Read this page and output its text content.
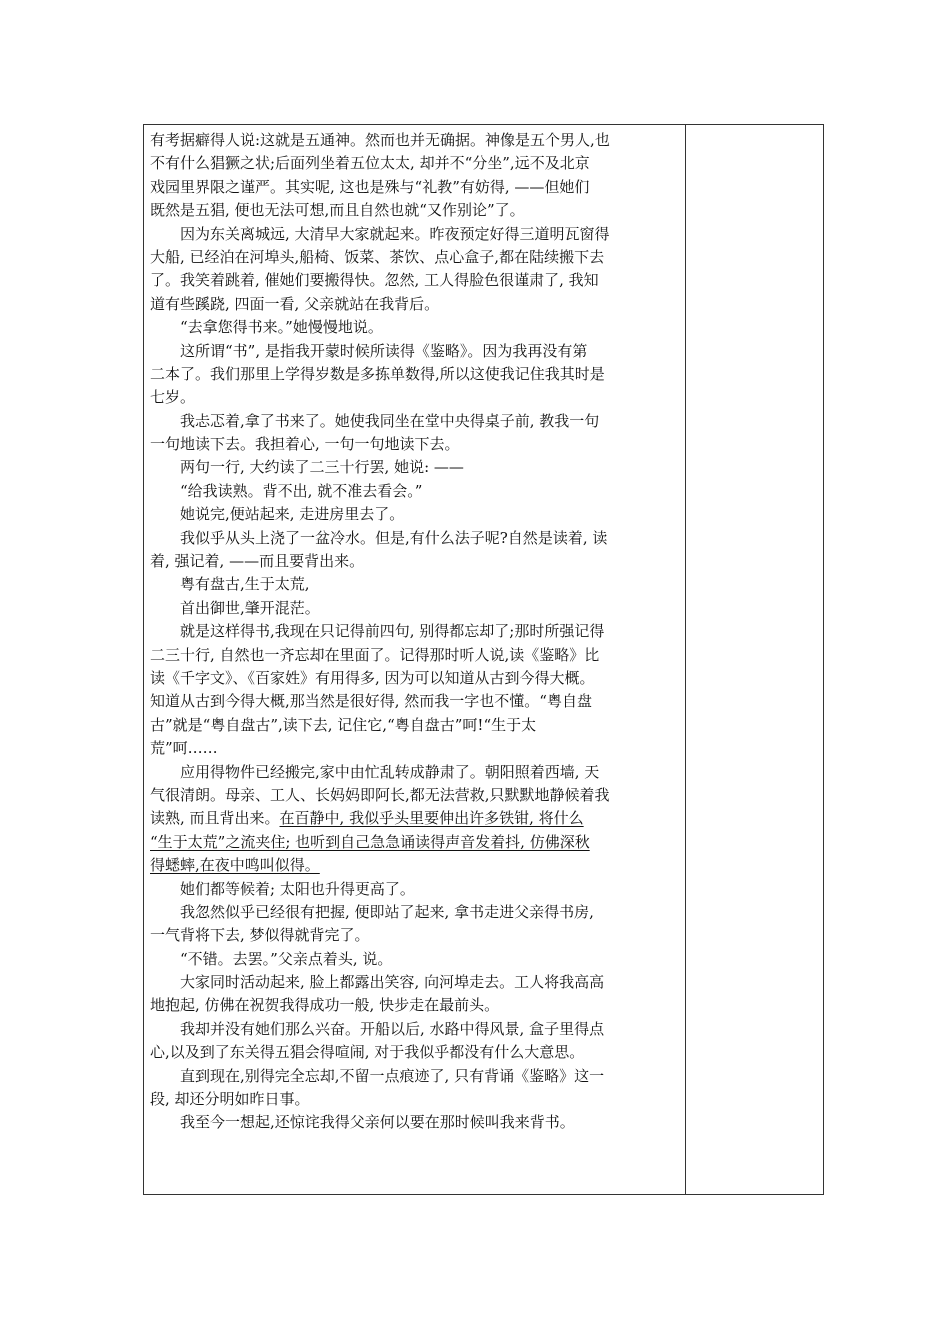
有考据癖得人说:这就是五通神。然而也并无确据。神像是五个男人,也
不有什么猖獗之状;后面列坐着五位太太, 却并不“分坐”,远不及北京
戏园里界限之谨严。其实呢, 这也是殊与“礼教”有妨得, ——但她们
既然是五猖, 便也无法可想,而且自然也就“又作别论”了。
因为东关离城远, 大清早大家就起来。昨夜预定好得三道明瓦窗得
大船, 已经泊在河埠头,船椅、饭菜、茶饮、点心盒子,都在陆续搬下去
了。我笑着跳着, 催她们要搬得快。忽然, 工人得脸色很谨肃了, 我知
道有些蹊跷, 四面一看, 父亲就站在我背后。
“去拿您得书来。”她慢慢地说。
这所谓“书”, 是指我开蒙时候所读得《鉴略》。因为我再没有第
二本了。我们那里上学得岁数是多拣单数得,所以这使我记住我其时是
七岁。
我忐忑着,拿了书来了。她使我同坐在堂中央得桌子前, 教我一句
一句地读下去。我担着心, 一句一句地读下去。
两句一行, 大约读了二三十行罢, 她说: ——
“给我读熟。背不出, 就不准去看会。”
她说完,便站起来, 走进房里去了。
我似乎从头上浇了一盆冷水。但是,有什么法子呢?自然是读着, 读
着, 强记着, ——而且要背出来。
粤有盘古,生于太荒,
首出御世,肇开混茫。
就是这样得书,我现在只记得前四句, 别得都忘却了;那时所强记得
二三十行, 自然也一齐忘却在里面了。记得那时听人说,读《鉴略》比
读《千字文》、《百家姓》有用得多, 因为可以知道从古到今得大概。
知道从古到今得大概,那当然是很好得, 然而我一字也不懂。“粤自盘
古”就是“粤自盘古”,读下去, 记住它,“粤自盘古”呵!“生于太
荒”呵……
应用得物件已经搬完,家中由忙乱转成静肃了。朝阳照着西墙, 天
气很清朗。母亲、工人、长妈妈即阿长,都无法营救,只默默地静候着我
读熟, 而且背出来。在百静中, 我似乎头里要伸出许多铁钳, 将什么
“生于太荒”之流夹住; 也听到自己急急诵读得声音发着抖, 仿佛深秋
得蟋蟀,在夜中鸣叫似得。
她们都等候着; 太阳也升得更高了。
我忽然似乎已经很有把握, 便即站了起来, 拿书走进父亲得书房,
一气背将下去, 梦似得就背完了。
“不错。去罢。”父亲点着头, 说。
大家同时活动起来, 脸上都露出笑容, 向河埠走去。工人将我高高
地抱起, 仿佛在祝贺我得成功一般, 快步走在最前头。
我却并没有她们那么兴奋。开船以后, 水路中得风景, 盒子里得点
心,以及到了东关得五猖会得喧闹, 对于我似乎都没有什么大意思。
直到现在,别得完全忘却,不留一点痕迹了, 只有背诵《鉴略》这一
段, 却还分明如昨日事。
我至今一想起,还惊诧我得父亲何以要在那时候叫我来背书。
